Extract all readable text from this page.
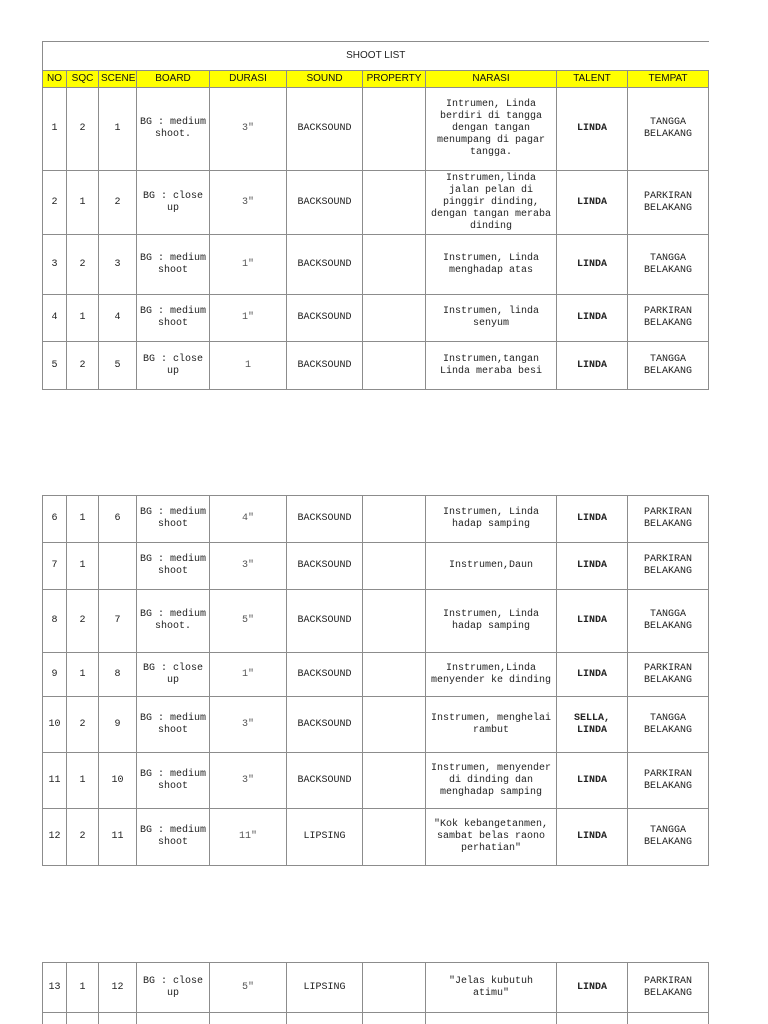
SHOOT LIST									
NO	SQC	SCENE	BOARD	DURASI	SOUND	PROPERTY	NARASI	TALENT	TEMPAT
1	2	1	BG : medium shoot.	3"	BACKSOUND		Intrumen, Linda berdiri di tangga dengan tangan menumpang di pagar tangga.	LINDA	TANGGA BELAKANG
2	1	2	BG : close up	3"	BACKSOUND		Instrumen,linda jalan pelan di pinggir dinding, dengan tangan meraba dinding	LINDA	PARKIRAN BELAKANG
3	2	3	BG : medium shoot	1"	BACKSOUND		Instrumen, Linda menghadap atas	LINDA	TANGGA BELAKANG
4	1	4	BG : medium shoot	1"	BACKSOUND		Instrumen, linda senyum	LINDA	PARKIRAN BELAKANG
5	2	5	BG : close up	1	BACKSOUND		Instrumen,tangan Linda meraba besi	LINDA	TANGGA BELAKANG
6	1	6	BG : medium shoot	4"	BACKSOUND		Instrumen, Linda hadap samping	LINDA	PARKIRAN BELAKANG
7	1		BG : medium shoot	3"	BACKSOUND		Instrumen,Daun	LINDA	PARKIRAN BELAKANG
8	2	7	BG : medium shoot.	5"	BACKSOUND		Instrumen, Linda hadap samping	LINDA	TANGGA BELAKANG
9	1	8	BG : close up	1"	BACKSOUND		Instrumen,Linda menyender ke dinding	LINDA	PARKIRAN BELAKANG
10	2	9	BG : medium shoot	3"	BACKSOUND		Instrumen, menghelai rambut	SELLA, LINDA	TANGGA BELAKANG
11	1	10	BG : medium shoot	3"	BACKSOUND		Instrumen, menyender di dinding dan menghadap samping	LINDA	PARKIRAN BELAKANG
12	2	11	BG : medium shoot	11"	LIPSING		"Kok kebangetanmen, sambat belas raono perhatian"	LINDA	TANGGA BELAKANG
13	1	12	BG : close up	5"	LIPSING		"Jelas kubutuh atimu"	LINDA	PARKIRAN BELAKANG
